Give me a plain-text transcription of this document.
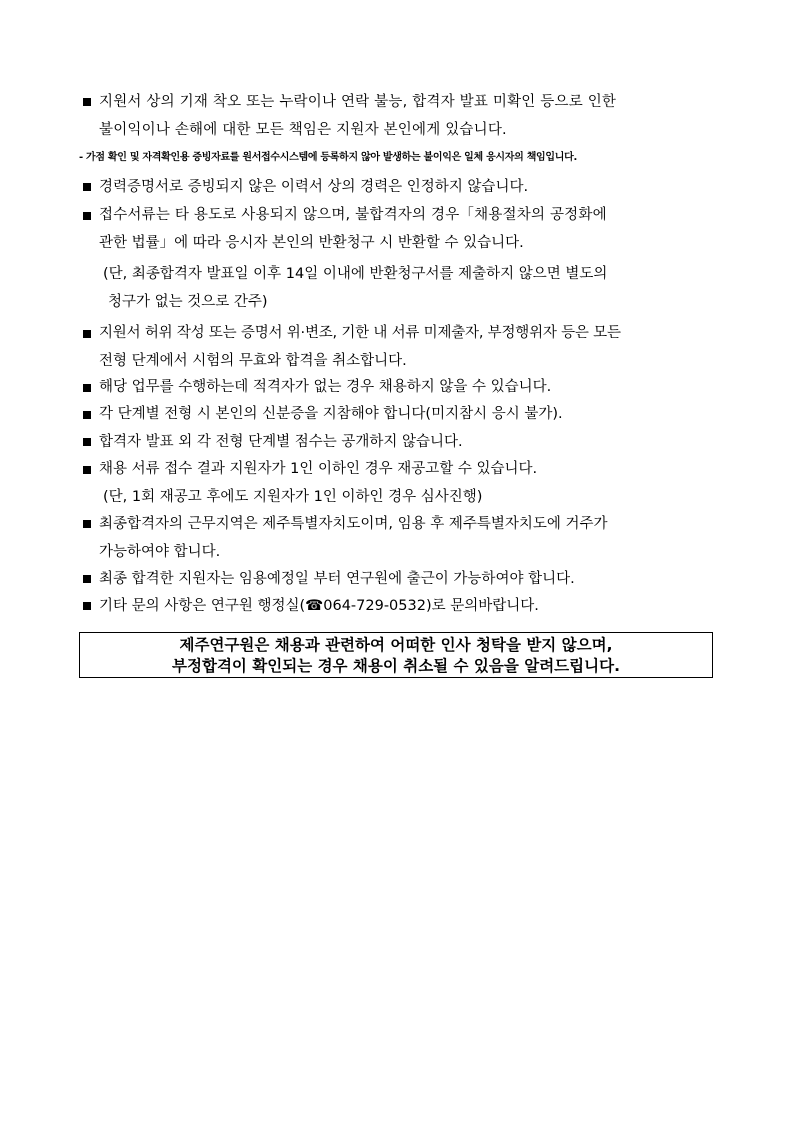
지원서 상의 기재 착오 또는 누락이나 연락 불능, 합격자 발표 미확인 등으로 인한
불이익이나 손해에 대한 모든 책임은 지원자 본인에게 있습니다.
- 가점 확인 및 자격확인용 증빙자료를 원서접수시스템에 등록하지 않아 발생하는 불이익은 일체 응시자의 책임입니다.
경력증명서로 증빙되지 않은 이력서 상의 경력은 인정하지 않습니다.
접수서류는 타 용도로 사용되지 않으며, 불합격자의 경우「채용절차의 공정화에
관한 법률」에 따라 응시자 본인의 반환청구 시 반환할 수 있습니다.
(단, 최종합격자 발표일 이후 14일 이내에 반환청구서를 제출하지 않으면 별도의
청구가 없는 것으로 간주)
지원서 허위 작성 또는 증명서 위·변조, 기한 내 서류 미제출자, 부정행위자 등은 모든
전형 단계에서 시험의 무효와 합격을 취소합니다.
해당 업무를 수행하는데 적격자가 없는 경우 채용하지 않을 수 있습니다.
각 단계별 전형 시 본인의 신분증을 지참해야 합니다(미지참시 응시 불가).
합격자 발표 외 각 전형 단계별 점수는 공개하지 않습니다.
채용 서류 접수 결과 지원자가 1인 이하인 경우 재공고할 수 있습니다.
(단, 1회 재공고 후에도 지원자가 1인 이하인 경우 심사진행)
최종합격자의 근무지역은 제주특별자치도이며, 임용 후 제주특별자치도에 거주가
가능하여야 합니다.
최종 합격한 지원자는 임용예정일 부터 연구원에 출근이 가능하여야 합니다.
기타 문의 사항은 연구원 행정실(☎064-729-0532)로 문의바랍니다.
제주연구원은 채용과 관련하여 어떠한 인사 청탁을 받지 않으며,
부정합격이 확인되는 경우 채용이 취소될 수 있음을 알려드립니다.
